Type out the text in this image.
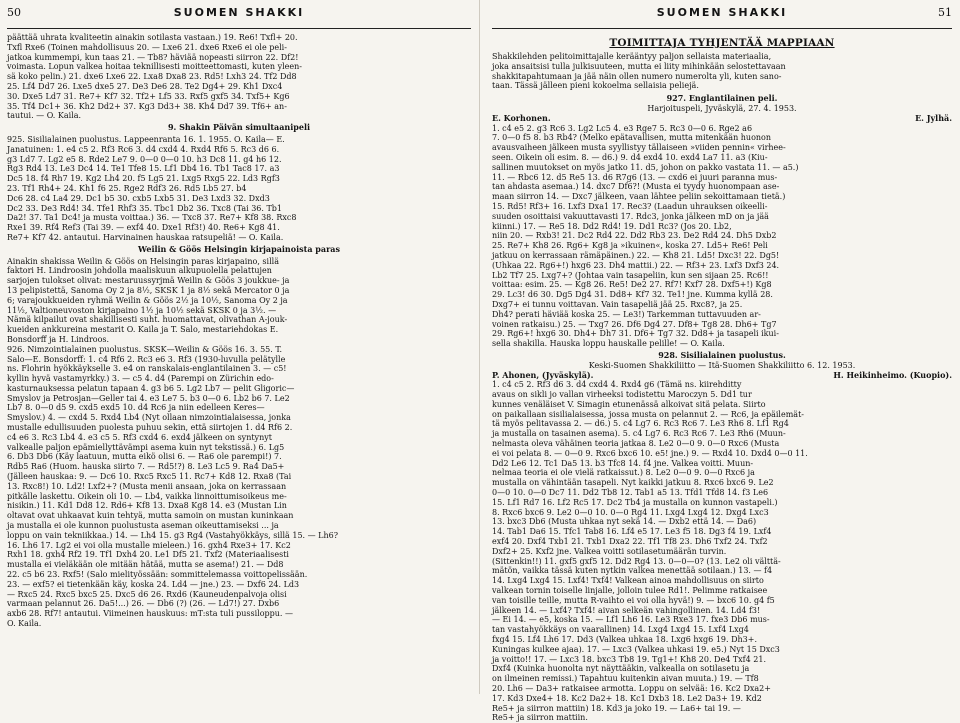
50	SUOMEN SHAKKI

päättää uhrata kvaliteetin ainakin sotilasta vastaan.) 19. Re6! Txfl+ 20.

Txfl Rxe6 (Toinen mahdollisuus 20. — Lxe6 21. dxe6 Rxe6 ei ole peli-

jatkoa kummempi, kun taas 21. — Tb8? häviää nopeasti siirron 22. Df2!

voimasta. Lopun valkea hoitaa teknillisesti moitteettomasti, kuten yleen-

sä koko pelin.) 21. dxe6 Lxe6 22. Lxa8 Dxa8 23. Rd5! Lxh3 24. Tf2 Dd8

25. Lf4 Dd7 26. Lxe5 dxe5 27. De3 De6 28. Te2 Dg4+ 29. Kh1 Dxc4

30. Dxe5 Ld7 31. Re7+ Kf7 32. Tf2+ Lf5 33. Rxf5 gxf5 34. Txf5+ Kg6

35. Tf4 Dc1+ 36. Kh2 Dd2+ 37. Kg3 Dd3+ 38. Kh4 Dd7 39. Tf6+ an-

tautui. — O. Kaila.

9. Shakin Päivän simultaanipeli

925. Sisilialainen puolustus. Lappeenranta 16. 1. 1955. O. Kaila— E.

Janatuinen: 1. e4 c5 2. Rf3 Rc6 3. d4 cxd4 4. Rxd4 Rf6 5. Rc3 d6 6.

g3 Ld7 7. Lg2 e5 8. Rde2 Le7 9. 0—0 0—0 10. h3 Dc8 11. g4 h6 12.

Rg3 Rd4 13. Le3 Dc4 14. Te1 Tfe8 15. Lf1 Db4 16. Tb1 Tac8 17. a3

Dc5 18. f4 Rh7 19. Kg2 Lh4 20. f5 Lg5 21. Lxg5 Rxg5 22. Ld3 Rgf3

23. Tf1 Rh4+ 24. Kh1 f6 25. Rge2 Rdf3 26. Rd5 Lb5 27. b4

Dc6 28. c4 La4 29. Dc1 b5 30. cxb5 Lxb5 31. De3 Lxd3 32. Dxd3

Dc2 33. De3 Rd4! 34. Tfe1 Rhf3 35. Tbc1 Db2 36. Txc8 (Tai 36. Tb1

Da2! 37. Ta1 Dc4! ja musta voittaa.) 36. — Txc8 37. Re7+ Kf8 38. Rxc8

Rxe1 39. Rf4 Ref3 (Tai 39. — exf4 40. Dxe1 Rf3!) 40. Re6+ Kg8 41.

Re7+ Kf7 42. antautui. Harvinainen hauskaa ratsupeliä! — O. Kaila.

Weilin & Göös Helsingin kirjapainoista paras

Ainakin shakissa Weilin & Göös on Helsingin paras kirjapaino, sillä

faktori H. Lindroosin johdolla maaliskuun alkupuolella pelattujen

sarjojen tulokset olivat: mestaruussyrjmä Weilin & Göös 3 joukkue- ja

13 pelipistettä, Sanoma Oy 2 ja 8½, SKSK 1 ja 8½ sekä Mercator 0 ja

6; varajoukkueiden ryhmä Weilin & Göös 2½ ja 10½, Sanoma Oy 2 ja

11½, Valtioneuvoston kirjapaino 1½ ja 10½ sekä SKSK 0 ja 3½. —

Nämä kilpailut ovat shakillisesti suht. huomattavat, olivathan A-jouk-

kueiden ankkureina mestarit O. Kaila ja T. Salo, mestariehdokas E.

Bonsdorff ja H. Lindroos.

926. Nimzointialainen puolustus. SKSK—Weilin & Göös 16. 3. 55. T.

Salo—E. Bonsdorff: 1. c4 Rf6 2. Rc3 e6 3. Rf3 (1930-luvulla pelätylle

ns. Flohrin hyökkäykselle 3. e4 on ranskalais-englantilainen 3. — c5!

kyllin hyvä vastamyrkky.) 3. — c5 4. d4 (Parempi on Zürichin edo-

kasturnauksessa pelatun tapaan 4. g3 b6 5. Lg2 Lb7 — pelit Gligoric—

Smyslov ja Petrosjan—Geller tai 4. e3 Le7 5. b3 0—0 6. Lb2 b6 7. Le2

Lb7 8. 0—0 d5 9. cxd5 exd5 10. d4 Rc6 ja niin edelleen Keres—

Smyslov.) 4. — cxd4 5. Rxd4 Lb4 (Nyt ollaan nimzointialaisessa, jonka

mustalle edullisuuden puolesta puhuu sekin, että siirtojen 1. d4 Rf6 2.

c4 e6 3. Rc3 Lb4 4. e3 c5 5. Rf3 cxd4 6. exd4 jälkeen on syntynyt

valkealle paljon epämiellyttävämpi asema kuin nyt tekstissä.) 6. Lg5

6. Db3 Db6 (Käy laatuun, mutta eikö olisi 6. — Ra6 ole parempi!) 7.

Rdb5 Ra6 (Huom. hauska siirto 7. — Rd5!?) 8. Le3 Lc5 9. Ra4 Da5+

(Jälleen hauskaa: 9. — Dc6 10. Rxc5 Rxc5 11. Rc7+ Kd8 12. Rxa8 (Tai

13. Rxc8!) 10. Ld2! Lxf2+? (Musta menii ansaan, joka on kerrassaan

pitkälle laskettu. Oikein oli 10. — Lb4, vaikka linnoittumisoikeus me-

nisikin.) 11. Kd1 Dd8 12. Rd6+ Kf8 13. Dxa8 Kg8 14. e3 (Mustan Lin

oltavat ovat uhkaavat kuin tehtyä, mutta samoin on mustan kuninkaan

ja mustalla ei ole kunnon puolustusta aseman oikeuttamiseksi ... ja

loppu on vain tekniikkaa.) 14. — Lh4 15. g3 Rg4 (Vastahyökkäys, sillä 15. — Lh6?

16. Lh6 17. Lg2 ei voi olla mustalle mieleen.) 16. gxh4 Rxe3+ 17. Kc2

Rxh1 18. gxh4 Rf2 19. Tf1 Dxh4 20. Le1 Df5 21. Txf2 (Materiaalisesti

mustalla ei vieläkään ole mitään hätää, mutta se asema!) 21. — Dd8

22. c5 b6 23. Rxf5! (Salo mielityössään: sommittelemassa voittopelissään.

23. — exf5? ei tietenkään käy, koska 24. Ld4 — jne.) 23. — Dxf6 24. Ld3

— Rxc5 24. Rxc5 bxc5 25. Dxc5 d6 26. Rxd6 (Kauneudenpalvoja olisi

varmaan pelannut 26. Da5!...) 26. — Db6 (?) (26. — Ld7!) 27. Dxb6

axb6 28. Rf7! antautui. Viimeinen hauskuus: mT:sta tuli pussiloppu. —

O. Kaila.

SUOMEN SHAKKI	51
TOIMITTAJA TYHJENTÄÄ MAPPIAAN

Shakkilehden pelitoimittajalle kerääntyy paljon sellaista materiaalia,

joka ansaitsisi tulla julkisuuteen, mutta ei liity mihinkään selostettavaan

shakkitapahtumaan ja jää näin ollen numero numerolta yli, kuten sano-

taan. Tässä jälleen pieni kokoelma sellaisia peliejä.

927. Englantilainen peli.

Harjoituspeli, Jyväskylä, 27. 4. 1953.

E. Korhonen.	E. Jylhä.

1. c4 e5 2. g3 Rc6 3. Lg2 Lc5 4. e3 Rge7 5. Rc3 0—0 6. Rge2 a6

7. 0—0 f5 8. b3 Rb4? (Melko epätavallisen, mutta mitenkään huonon

avausvaiheen jälkeen musta syyllistyy tällaiseen »viiden pennin« virhee-

seen. Oikein oli esim. 8. — d6.) 9. d4 exd4 10. exd4 La7 11. a3 (Kiu-

sallinen muutokset on myös jatko 11. d5, johon on pakko vastata 11. — a5.)

11. — Rbc6 12. d5 Re5 13. d6 R7g6 (13. — cxd6 ei juuri paranna mus-

tan ahdasta asemaa.) 14. dxc7 Df6?! (Musta ei tyydy huonompaan ase-

maan siirron 14. — Dxc7 jälkeen, vaan lähtee peliin sekoittamaan tietä.)

15. Rd5! Rf3+ 16. Lxf3 Dxa1 17. Rec3? (Laadun uhrauksen oikeelli-

suuden osoittaisi vakuuttavasti 17. Rdc3, jonka jälkeen mD on ja jää

kiinni.) 17. — Re5 18. Dd2 Rd4! 19. Dd1 Rc3? (Jos 20. Lb2,

niin 20. — Rxb3! 21. Dc2 Rd4 22. Dd2 Rb3 23. De2 Rd4 24. Dh5 Dxb2

25. Re7+ Kh8 26. Rg6+ Kg8 ja »ikuinen«, koska 27. Ld5+ Re6! Peli

jatkuu on kerrassaan rämäpäinen.) 22. — Kh8 21. Ld5! Dxc3! 22. Dg5!

(Uhkaa 22. Rg6+!) hxg6 23. Dh4 mattii.) 22. — Rf3+ 23. Lxf3 Dxf3 24.

Lb2 Tf7 25. Lxg7+? (Johtaa vain tasapeliin, kun sen sijaan 25. Rc6!!

voittaa: esim. 25. — Kg8 26. Re5! De2 27. Rf7! Kxf7 28. Dxf5+!) Kg8

29. Lc3! d6 30. Dg5 Dg4 31. Dd8+ Kf7 32. Te1! jne. Kumma kyllä 28.

Dxg7+ ei tunnu voittavan. Vain tasapeliä jää 25. Rxc8?, ja 25.

Dh4? perati häviää koska 25. — Le3!) Tarkemman tuttavuuden ar-

voinen ratkaisu.) 25. — Txg7 26. Df6 Dg4 27. Df8+ Tg8 28. Dh6+ Tg7

29. Rg6+! hxg6 30. Dh4+ Dh7 31. Df6+ Tg7 32. Dd8+ ja tasapeli ikui-

sella shakilla. Hauska loppu hauskalle pelille! — O. Kaila.

928. Sisilialainen puolustus.

Keski-Suomen Shakkiliitto — Itä-Suomen Shakkiliitto 6. 12. 1953.

P. Ahonen, (Jyväskylä).	H. Heikinheimo. (Kuopio).

1. c4 c5 2. Rf3 d6 3. d4 cxd4 4. Rxd4 g6 (Tämä ns. kiirehditty

avaus on sikli jo vallan virheeksi todistettu Maroczyn 5. Dd1 tur

kunnes venäläiset V. Simagin etunenässä alkoivat sitä pelata. Siirto

on paikallaan sisilialaisessa, jossa musta on pelannut 2. — Rc6, ja epäilemät-

tä myös pelitavassa 2. — d6.) 5. c4 Lg7 6. Rc3 Rc6 7. Le3 Rh6 8. Lf1 Rg4

ja mustalla on tasainen asema). 5. c4 Lg7 6. Rc3 Rc6 7. Le3 Rh6 (Muun-

nelmasta oleva vähäinen teoria jatkaa 8. Le2 0—0 9. 0—0 Rxc6 (Musta

ei voi pelata 8. — 0—0 9. Rxc6 bxc6 10. e5! jne.) 9. — Rxd4 10. Dxd4 0—0 11.

Dd2 Le6 12. Tc1 Da5 13. b3 Tfc8 14. f4 jne. Valkea voitti. Muun-

nelmaa teoria ei ole vielä ratkaissut.) 8. Le2 0—0 9. 0—0 Rxc6 ja

mustalla on vähintään tasapeli. Nyt kaikki jatkuu 8. Rxc6 bxc6 9. Le2

0—0 10. 0—0 Dc7 11. Dd2 Tb8 12. Tab1 a5 13. Tfd1 Tfd8 14. f3 Le6

15. Lf1 Rd7 16. Lf2 Rc5 17. Dc2 Tb4 ja mustalla on kunnon vastapeli.)

8. Rxc6 bxc6 9. Le2 0—0 10. 0—0 Rg4 11. Lxg4 Lxg4 12. Dxg4 Lxc3

13. bxc3 Db6 (Musta uhkaa nyt sekä 14. — Dxb2 että 14. — Da6)

14. Tab1 Da6 15. Tfc1 Tab8 16. Lf4 e5 17. Le3 f5 18. Dg3 f4 19. Lxf4

exf4 20. Dxf4 Txb1 21. Txb1 Dxa2 22. Tf1 Tf8 23. Dh6 Txf2 24. Txf2

Dxf2+ 25. Kxf2 jne. Valkea voitti sotilasetumäärän turvin.

(Sittenkin!!) 11. gxf5 gxf5 12. Dd2 Rg4 13. 0—0—0? (13. Le2 oli välttä-

mätön, vaikka tässä kuten nytkin valkea menettää sotilaan.) 13. — f4

14. Lxg4 Lxg4 15. Lxf4! Txf4! Valkean ainoa mahdollisuus on siirto

valkean tornin toiselle linjalle, jolloin tulee Rd1!. Pelimme ratkaisee

van toisille teille, mutta R-vaihto ei voi olla hyvä!) 9. — bxc6 10. g4 f5

jälkeen 14. — Lxf4? Txf4! aivan selkeän vahingollinen. 14. Ld4 f3!

— Ei 14. — e5, koska 15. — Lf1 Lh6 16. Le3 Rxe3 17. fxe3 Db6 mus-

tan vastahyökkäys on vaarallinen) 14. Lxg4 Lxg4 15. Lxf4 Lxg4

fxg4 15. Lf4 Lh6 17. Dd3 (Valkea uhkaa 18. Lxg6 hxg6 19. Dh3+.

Kuningas kulkee ajaa). 17. — Lxc3 (Valkea uhkasi 19. e5.) Nyt 15 Dxc3

ja voitto!! 17. — Lxc3 18. bxc3 Tb8 19. Tg1+! Kh8 20. De4 Txf4 21.

Dxf4 (Kuinka huonolta nyt näyttääkin, valkealla on sotilasetu ja

on ilmeinen remissi.) Tapahtuu kuitenkin aivan muuta.) 19. — Tf8

20. Lh6 — Da3+ ratkaisee armotta. Loppu on selvää: 16. Kc2 Dxa2+

17. Kd3 Dxe4+ 18. Kc2 Da2+ 18. Kc1 Dxb3 18. Le2 Da3+ 19. Kd2

Re5+ ja siirron mattiin) 18. Kd3 ja joko 19. — La6+ tai 19. —

Re5+ ja siirron mattiin.
